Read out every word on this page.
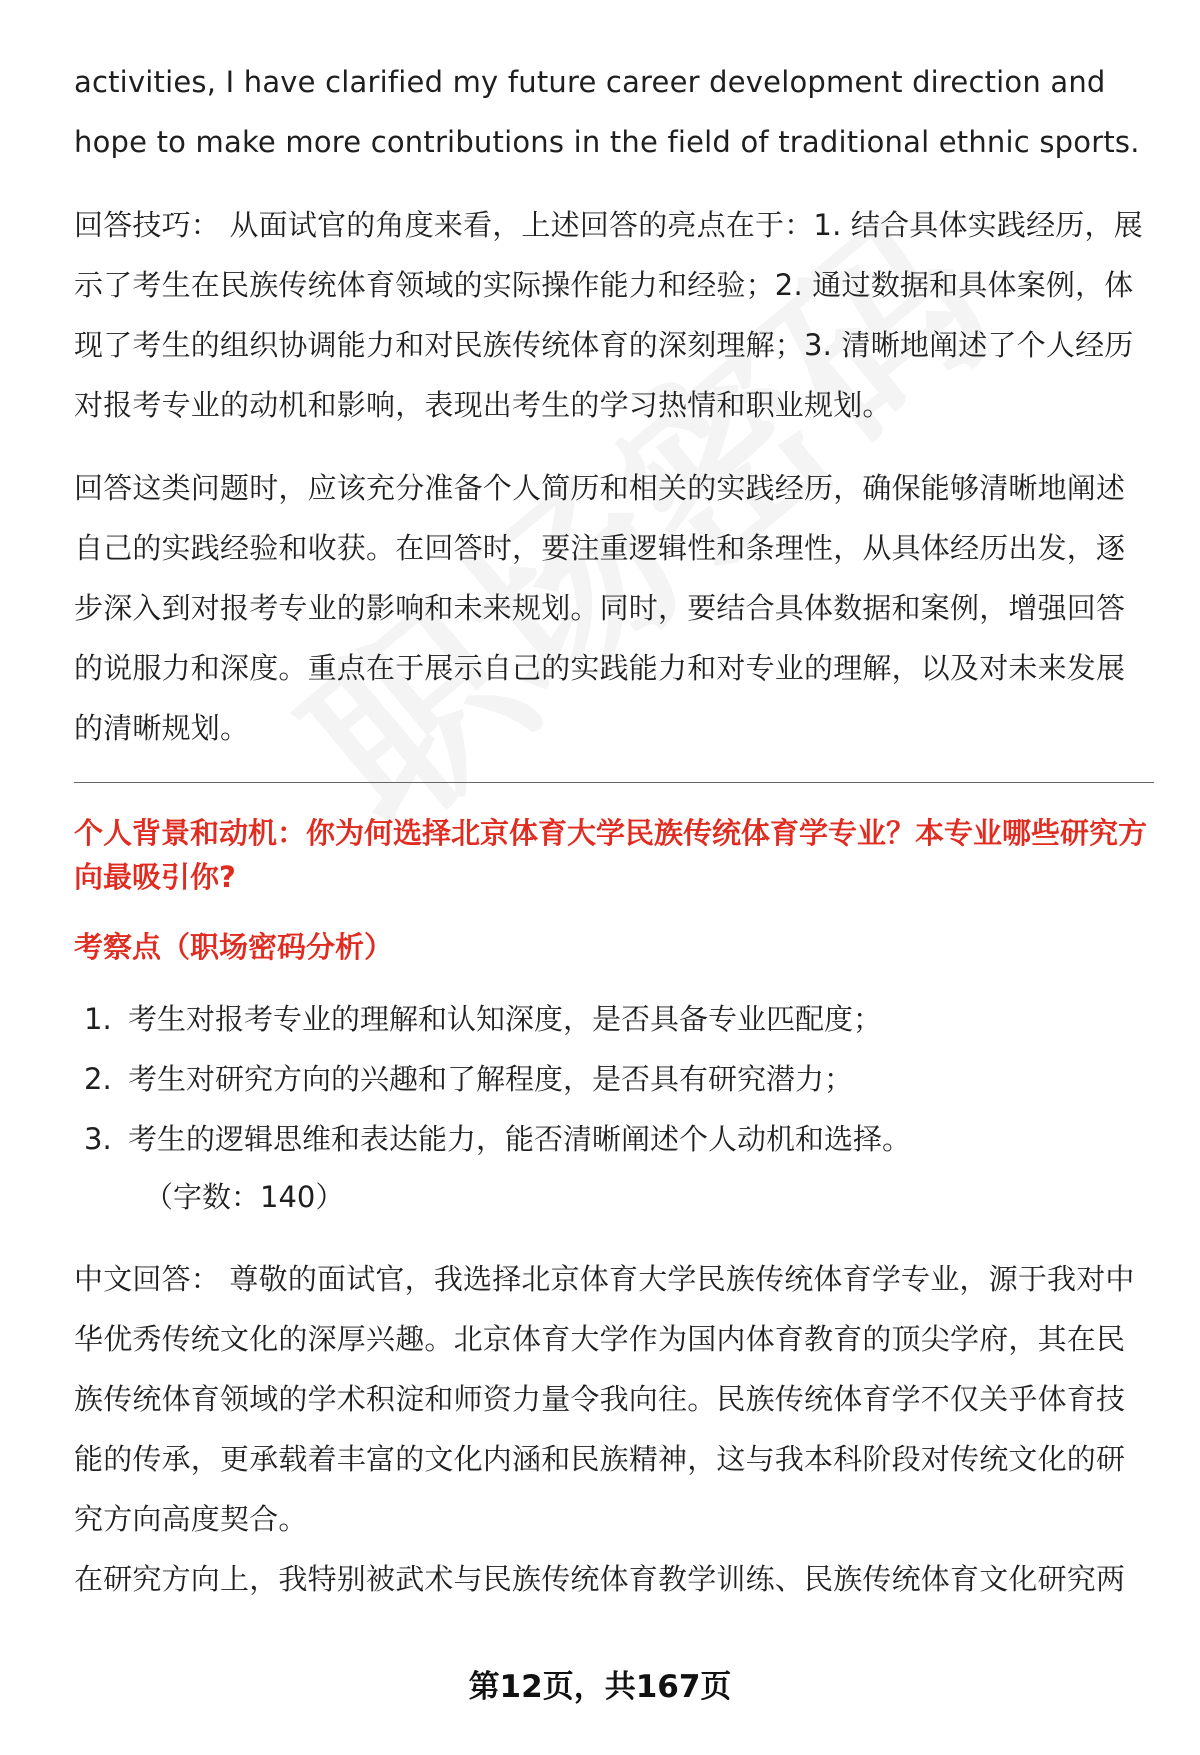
activities, I have clarified my future career development direction and hope to make more contributions in the field of traditional ethnic sports.

回答技巧： 从面试官的角度来看，上述回答的亮点在于：1. 结合具体实践经历，展示了考生在民族传统体育领域的实际操作能力和经验；2. 通过数据和具体案例，体现了考生的组织协调能力和对民族传统体育的深刻理解；3. 清晰地阐述了个人经历对报考专业的动机和影响，表现出考生的学习热情和职业规划。

回答这类问题时，应该充分准备个人简历和相关的实践经历，确保能够清晰地阐述自己的实践经验和收获。在回答时，要注重逻辑性和条理性，从具体经历出发，逐步深入到对报考专业的影响和未来规划。同时，要结合具体数据和案例，增强回答的说服力和深度。重点在于展示自己的实践能力和对专业的理解，以及对未来发展的清晰规划。

个人背景和动机：你为何选择北京体育大学民族传统体育学专业？本专业哪些研究方向最吸引你?

考察点（职场密码分析）

1. 考生对报考专业的理解和认知深度，是否具备专业匹配度；
2. 考生对研究方向的兴趣和了解程度，是否具有研究潜力；
3. 考生的逻辑思维和表达能力，能否清晰阐述个人动机和选择。

（字数：140）

中文回答： 尊敬的面试官，我选择北京体育大学民族传统体育学专业，源于我对中华优秀传统文化的深厚兴趣。北京体育大学作为国内体育教育的顶尖学府，其在民族传统体育领域的学术积淀和师资力量令我向往。民族传统体育学不仅关乎体育技能的传承，更承载着丰富的文化内涵和民族精神，这与我本科阶段对传统文化的研究方向高度契合。

在研究方向上，我特别被武术与民族传统体育教学训练、民族传统体育文化研究两

第12页，共167页
